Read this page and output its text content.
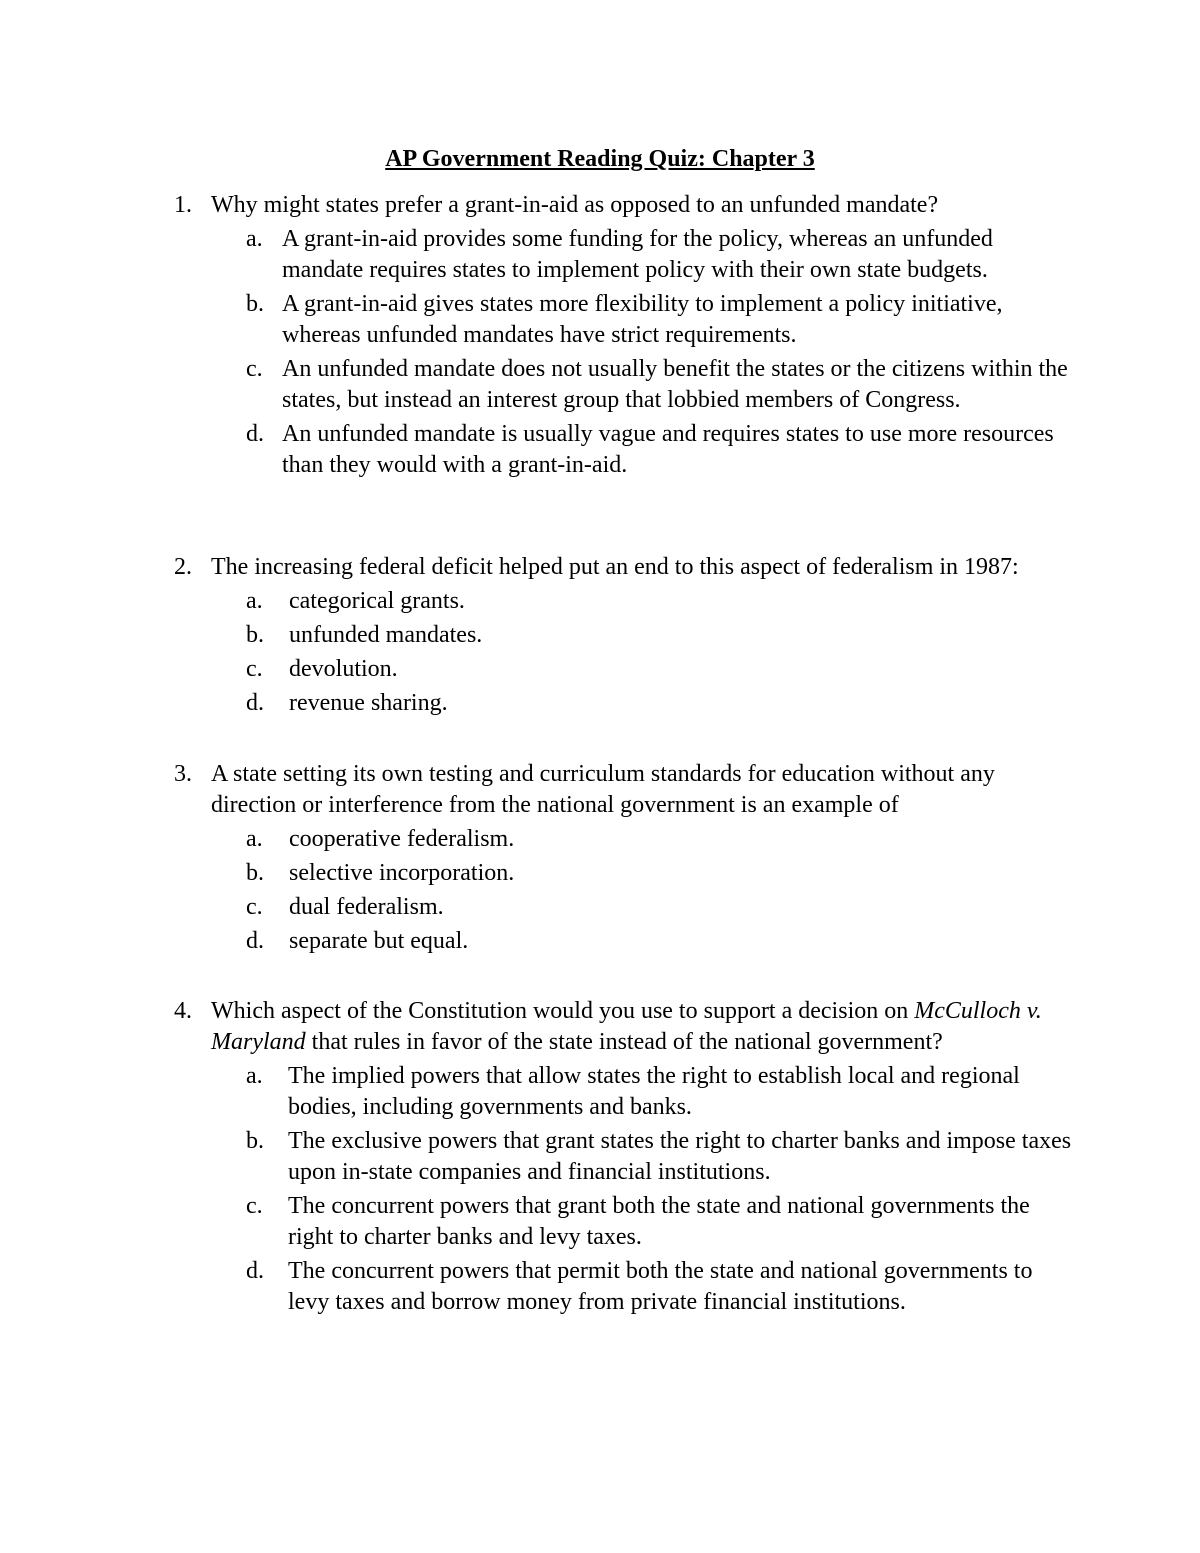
AP Government Reading Quiz: Chapter 3
1. Why might states prefer a grant-in-aid as opposed to an unfunded mandate?
a. A grant-in-aid provides some funding for the policy, whereas an unfunded mandate requires states to implement policy with their own state budgets.
b. A grant-in-aid gives states more flexibility to implement a policy initiative, whereas unfunded mandates have strict requirements.
c. An unfunded mandate does not usually benefit the states or the citizens within the states, but instead an interest group that lobbied members of Congress.
d. An unfunded mandate is usually vague and requires states to use more resources than they would with a grant-in-aid.
2. The increasing federal deficit helped put an end to this aspect of federalism in 1987:
a.	categorical grants.
b.	unfunded mandates.
c.	devolution.
d.	revenue sharing.
3. A state setting its own testing and curriculum standards for education without any direction or interference from the national government is an example of
a.	cooperative federalism.
b.	selective incorporation.
c.	dual federalism.
d.	separate but equal.
4. Which aspect of the Constitution would you use to support a decision on McCulloch v. Maryland that rules in favor of the state instead of the national government?
a.	The implied powers that allow states the right to establish local and regional bodies, including governments and banks.
b.	The exclusive powers that grant states the right to charter banks and impose taxes upon in-state companies and financial institutions.
c.	The concurrent powers that grant both the state and national governments the right to charter banks and levy taxes.
d.	The concurrent powers that permit both the state and national governments to levy taxes and borrow money from private financial institutions.
